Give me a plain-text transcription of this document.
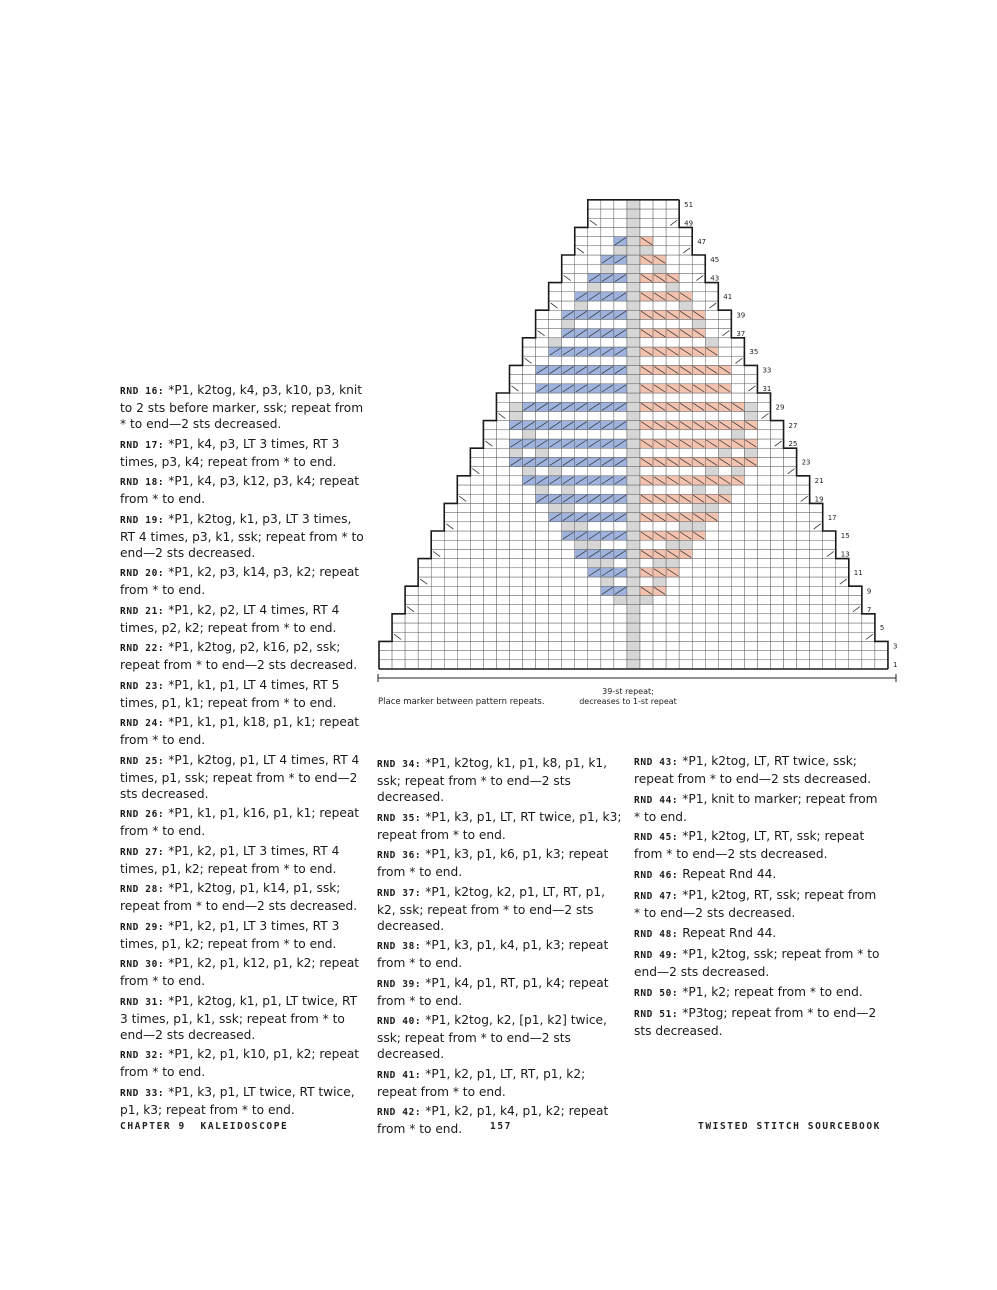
1
3
5
7
9
11
13
15
17
19
21
23
25
27
29
31
33
35
37
39
41
43
45
47
49
51
Place marker between pattern repeats.
39-st repeat;
decreases to 1-st repeat
RND 16: *P1, k2tog, k4, p3, k10, p3, knit to 2 sts before marker, ssk; repeat from * to end—2 sts decreased.
RND 17: *P1, k4, p3, LT 3 times, RT 3 times, p3, k4; repeat from * to end.
RND 18: *P1, k4, p3, k12, p3, k4; repeat from * to end.
RND 19: *P1, k2tog, k1, p3, LT 3 times, RT 4 times, p3, k1, ssk; repeat from * to end—2 sts decreased.
RND 20: *P1, k2, p3, k14, p3, k2; repeat from * to end.
RND 21: *P1, k2, p2, LT 4 times, RT 4 times, p2, k2; repeat from * to end.
RND 22: *P1, k2tog, p2, k16, p2, ssk; repeat from * to end—2 sts decreased.
RND 23: *P1, k1, p1, LT 4 times, RT 5 times, p1, k1; repeat from * to end.
RND 24: *P1, k1, p1, k18, p1, k1; repeat from * to end.
RND 25: *P1, k2tog, p1, LT 4 times, RT 4 times, p1, ssk; repeat from * to end—2 sts decreased.
RND 26: *P1, k1, p1, k16, p1, k1; repeat from * to end.
RND 27: *P1, k2, p1, LT 3 times, RT 4 times, p1, k2; repeat from * to end.
RND 28: *P1, k2tog, p1, k14, p1, ssk; repeat from * to end—2 sts decreased.
RND 29: *P1, k2, p1, LT 3 times, RT 3 times, p1, k2; repeat from * to end.
RND 30: *P1, k2, p1, k12, p1, k2; repeat from * to end.
RND 31: *P1, k2tog, k1, p1, LT twice, RT 3 times, p1, k1, ssk; repeat from * to end—2 sts decreased.
RND 32: *P1, k2, p1, k10, p1, k2; repeat from * to end.
RND 33: *P1, k3, p1, LT twice, RT twice, p1, k3; repeat from * to end.
RND 34: *P1, k2tog, k1, p1, k8, p1, k1, ssk; repeat from * to end—2 sts decreased.
RND 35: *P1, k3, p1, LT, RT twice, p1, k3; repeat from * to end.
RND 36: *P1, k3, p1, k6, p1, k3; repeat from * to end.
RND 37: *P1, k2tog, k2, p1, LT, RT, p1, k2, ssk; repeat from * to end—2 sts decreased.
RND 38: *P1, k3, p1, k4, p1, k3; repeat from * to end.
RND 39: *P1, k4, p1, RT, p1, k4; repeat from * to end.
RND 40: *P1, k2tog, k2, [p1, k2] twice, ssk; repeat from * to end—2 sts decreased.
RND 41: *P1, k2, p1, LT, RT, p1, k2; repeat from * to end.
RND 42: *P1, k2, p1, k4, p1, k2; repeat from * to end.
RND 43: *P1, k2tog, LT, RT twice, ssk; repeat from * to end—2 sts decreased.
RND 44: *P1, knit to marker; repeat from * to end.
RND 45: *P1, k2tog, LT, RT, ssk; repeat from * to end—2 sts decreased.
RND 46: Repeat Rnd 44.
RND 47: *P1, k2tog, RT, ssk; repeat from * to end—2 sts decreased.
RND 48: Repeat Rnd 44.
RND 49: *P1, k2tog, ssk; repeat from * to end—2 sts decreased.
RND 50: *P1, k2; repeat from * to end.
RND 51: *P3tog; repeat from * to end—2 sts decreased.
CHAPTER 9  KALEIDOSCOPE	157	TWISTED STITCH SOURCEBOOK
